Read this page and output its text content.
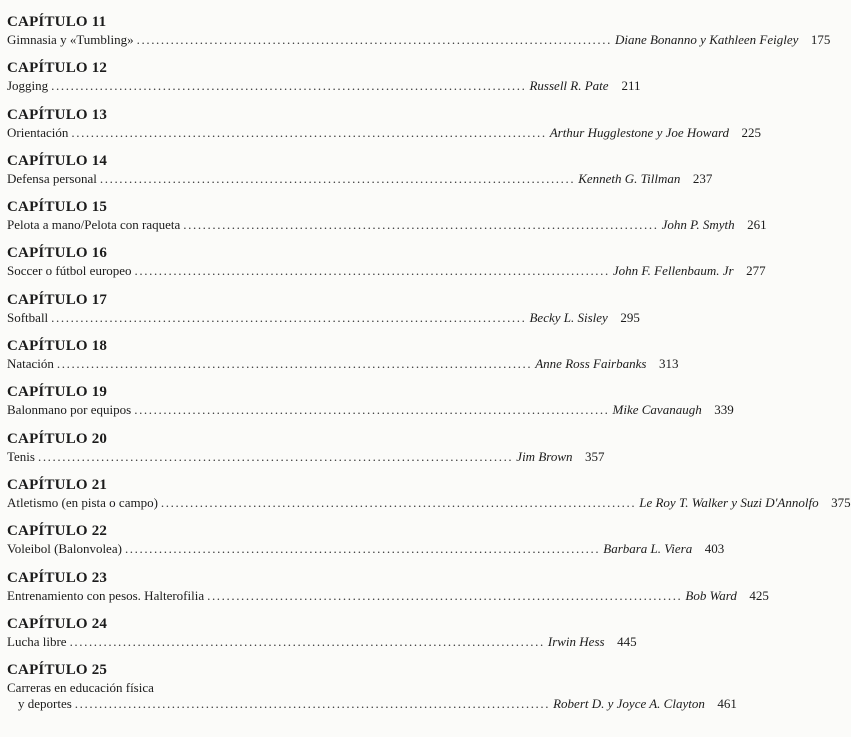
CAPÍTULO 11
Gimnasia y «Tumbling» .................................................................................................. Diane Bonanno y Kathleen Feigley 175
CAPÍTULO 12
Jogging .................................................................................................. Russell R. Pate 211
CAPÍTULO 13
Orientación .................................................................................................. Arthur Hugglestone y Joe Howard 225
CAPÍTULO 14
Defensa personal .................................................................................................. Kenneth G. Tillman 237
CAPÍTULO 15
Pelota a mano/Pelota con raqueta .................................................................................................. John P. Smyth 261
CAPÍTULO 16
Soccer o fútbol europeo .................................................................................................. John F. Fellenbaum. Jr 277
CAPÍTULO 17
Softball .................................................................................................. Becky L. Sisley 295
CAPÍTULO 18
Natación .................................................................................................. Anne Ross Fairbanks 313
CAPÍTULO 19
Balonmano por equipos .................................................................................................. Mike Cavanaugh 339
CAPÍTULO 20
Tenis .................................................................................................. Jim Brown 357
CAPÍTULO 21
Atletismo (en pista o campo) .................................................................................................. Le Roy T. Walker y Suzi D'Annolfo 375
CAPÍTULO 22
Voleibol (Balonvolea) .................................................................................................. Barbara L. Viera 403
CAPÍTULO 23
Entrenamiento con pesos. Halterofilia .................................................................................................. Bob Ward 425
CAPÍTULO 24
Lucha libre .................................................................................................. Irwin Hess 445
CAPÍTULO 25
Carreras en educación física
y deportes .................................................................................................. Robert D. y Joyce A. Clayton 461
